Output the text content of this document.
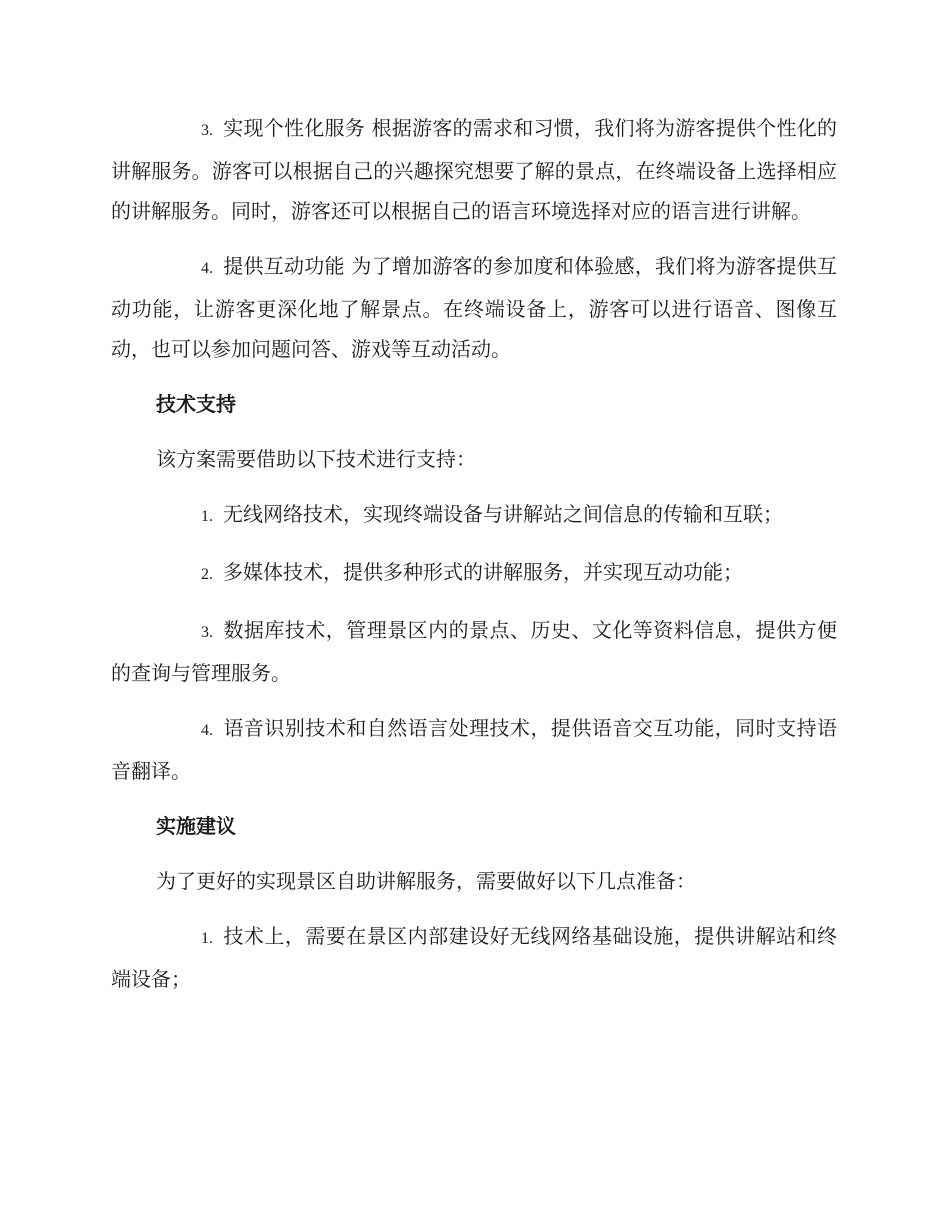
3. 实现个性化服务 根据游客的需求和习惯，我们将为游客提供个性化的讲解服务。游客可以根据自己的兴趣探究想要了解的景点，在终端设备上选择相应的讲解服务。同时，游客还可以根据自己的语言环境选择对应的语言进行讲解。

4. 提供互动功能 为了增加游客的参加度和体验感，我们将为游客提供互动功能，让游客更深化地了解景点。在终端设备上，游客可以进行语音、图像互动，也可以参加问题问答、游戏等互动活动。

技术支持

该方案需要借助以下技术进行支持：

1. 无线网络技术，实现终端设备与讲解站之间信息的传输和互联；

2. 多媒体技术，提供多种形式的讲解服务，并实现互动功能；

3. 数据库技术，管理景区内的景点、历史、文化等资料信息，提供方便的查询与管理服务。

4. 语音识别技术和自然语言处理技术，提供语音交互功能，同时支持语音翻译。

实施建议

为了更好的实现景区自助讲解服务，需要做好以下几点准备：

1. 技术上，需要在景区内部建设好无线网络基础设施，提供讲解站和终端设备；
